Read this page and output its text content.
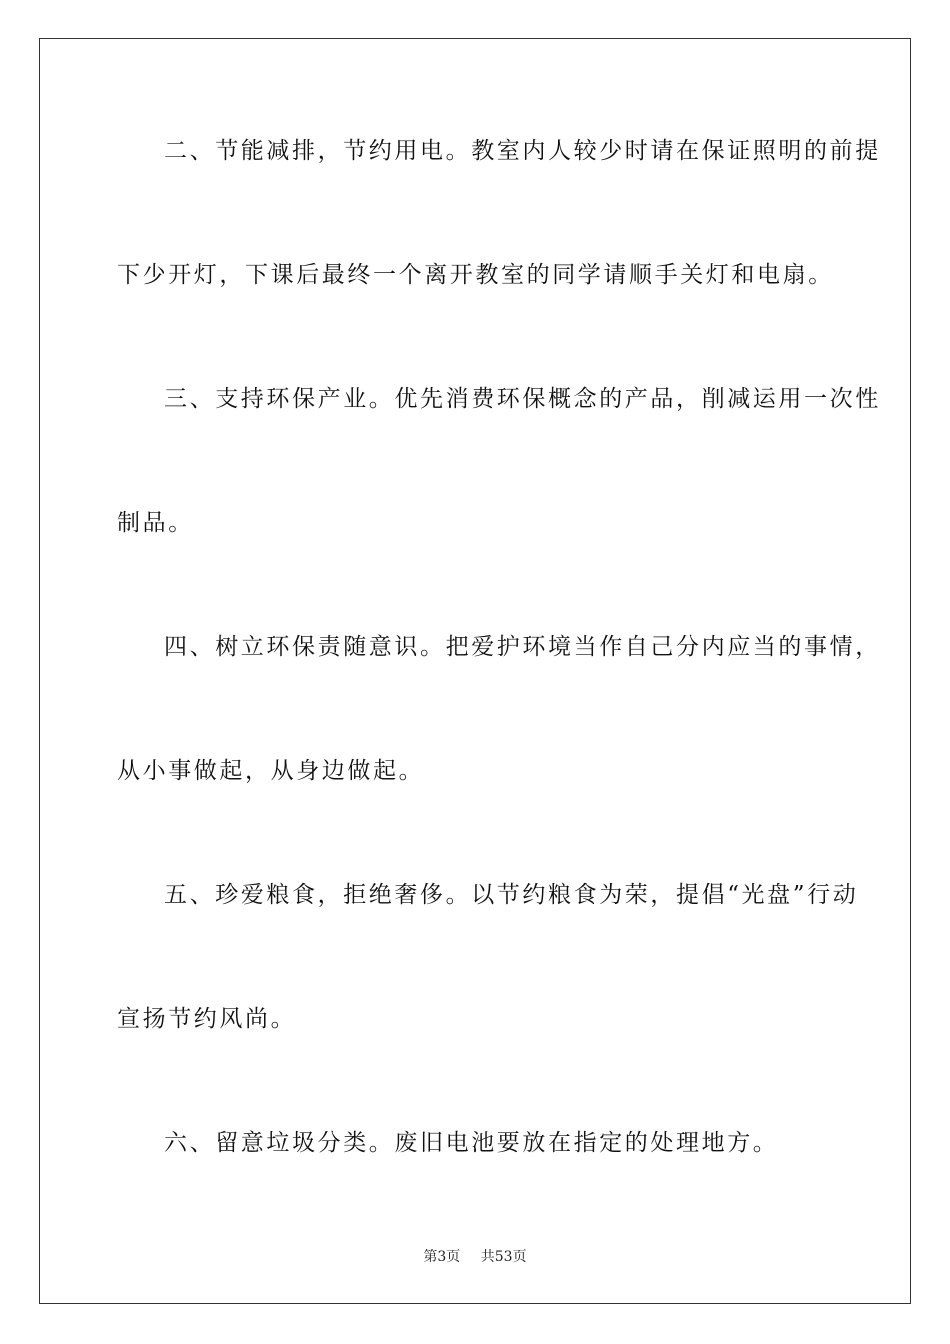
二、节能减排，节约用电。教室内人较少时请在保证照明的前提
下少开灯，下课后最终一个离开教室的同学请顺手关灯和电扇。
三、支持环保产业。优先消费环保概念的产品，削减运用一次性
制品。
四、树立环保责随意识。把爱护环境当作自己分内应当的事情，
从小事做起，从身边做起。
五、珍爱粮食，拒绝奢侈。以节约粮食为荣，提倡“光盘”行动
宣扬节约风尚。
六、留意垃圾分类。废旧电池要放在指定的处理地方。
第3页 共53页
